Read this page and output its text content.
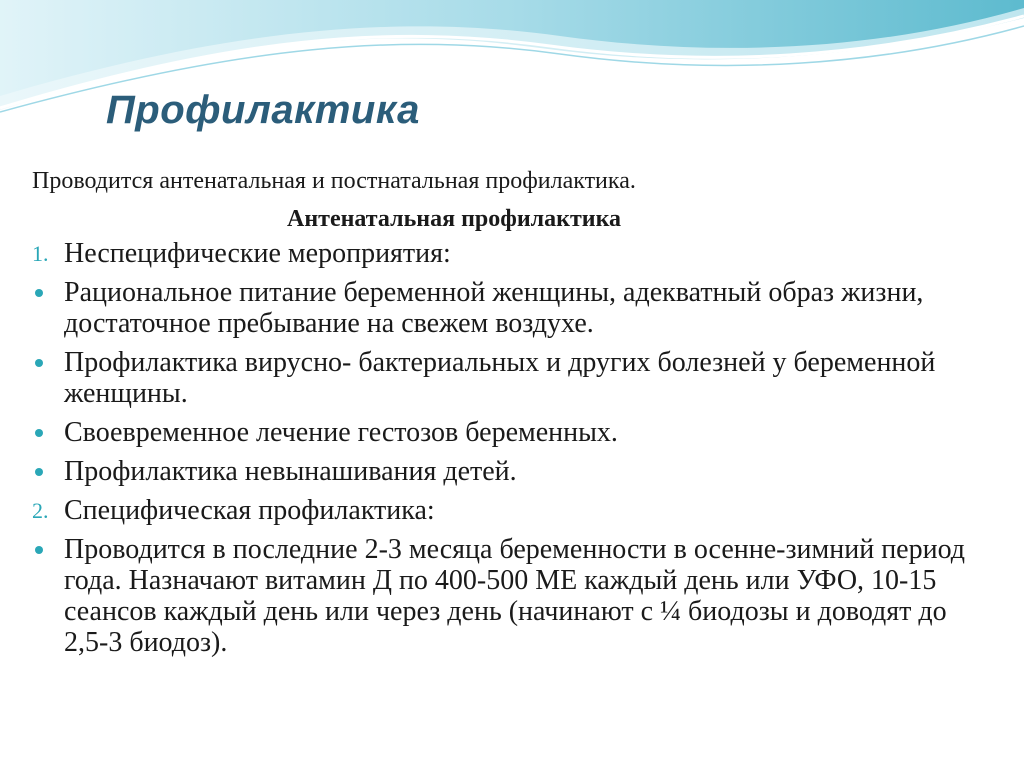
Профилактика

Проводится антенатальная и постнатальная профилактика.

Антенатальная профилактика

1. Неспецифические мероприятия:
Рациональное питание беременной женщины, адекватный образ жизни, достаточное пребывание на свежем воздухе.
Профилактика вирусно- бактериальных и других болезней у беременной женщины.
Своевременное лечение гестозов беременных.
Профилактика невынашивания детей.
2. Специфическая профилактика:
Проводится в последние 2-3 месяца беременности в осенне-зимний период года. Назначают витамин Д по 400-500 МЕ каждый день или УФО, 10-15 сеансов каждый день или через день (начинают с ¼ биодозы и доводят до 2,5-3 биодоз).
